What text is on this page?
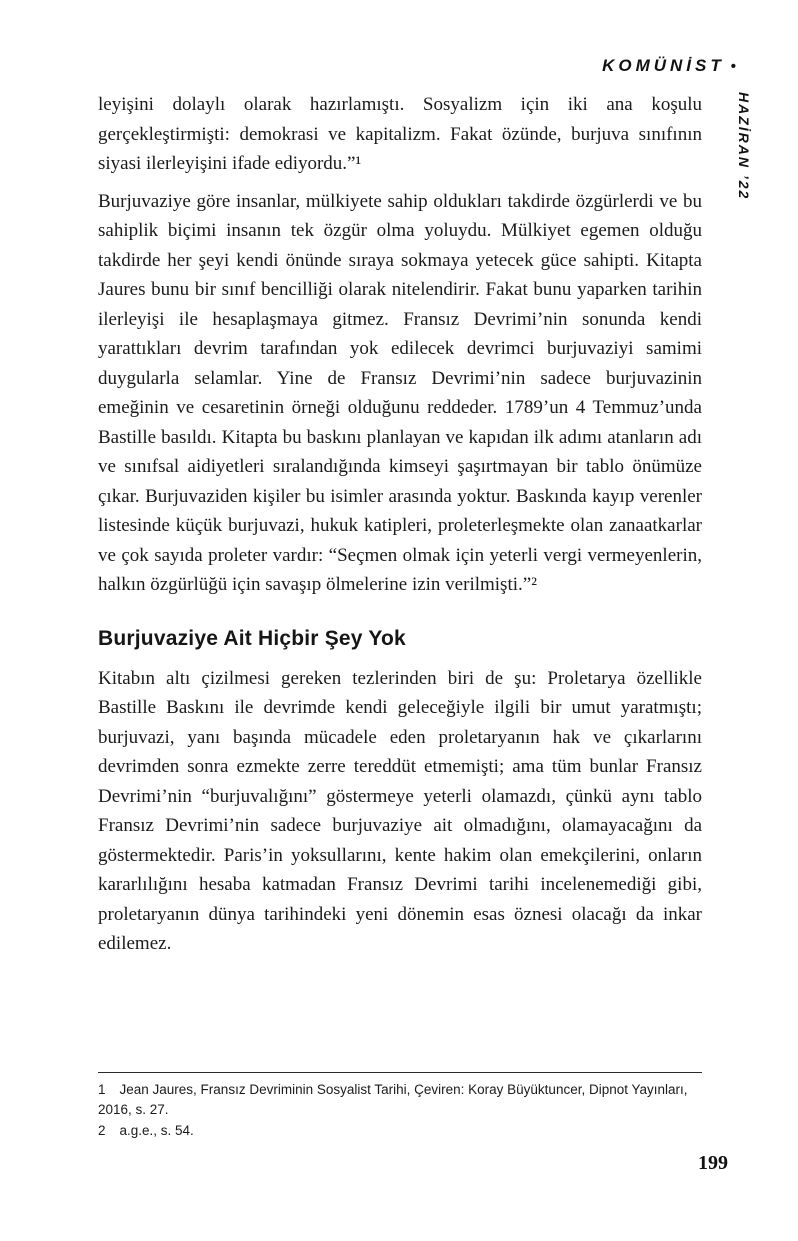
KOMÜNİST •
HAZİRAN ’22

leyişini dolaylı olarak hazırlamıştı. Sosyalizm için iki ana koşulu gerçekleştirmişti: demokrasi ve kapitalizm. Fakat özünde, burjuva sınıfının siyasi ilerleyişini ifade ediyordu.”¹

Burjuvaziye göre insanlar, mülkiyete sahip oldukları takdirde özgürlerdi ve bu sahiplik biçimi insanın tek özgür olma yoluydu. Mülkiyet egemen olduğu takdirde her şeyi kendi önünde sıraya sokmaya yetecek güce sahipti. Kitapta Jaures bunu bir sınıf bencilliği olarak nitelendirir. Fakat bunu yaparken tarihin ilerleyişi ile hesaplaşmaya gitmez. Fransız Devrimi’nin sonunda kendi yarattıkları devrim tarafından yok edilecek devrimci burjuvaziyi samimi duygularla selamlar. Yine de Fransız Devrimi’nin sadece burjuvazinin emeğinin ve cesaretinin örneği olduğunu reddeder. 1789’un 4 Temmuz’unda Bastille basıldı. Kitapta bu baskını planlayan ve kapıdan ilk adımı atanların adı ve sınıfsal aidiyetleri sıralandığında kimseyi şaşırtmayan bir tablo önümüze çıkar. Burjuvaziden kişiler bu isimler arasında yoktur. Baskında kayıp verenler listesinde küçük burjuvazi, hukuk katipleri, proleterleşmekte olan zanaatkarlar ve çok sayıda proleter vardır: “Seçmen olmak için yeterli vergi vermeyenlerin, halkın özgürlüğü için savaşıp ölmelerine izin verilmişti.”²

Burjuvaziye Ait Hiçbir Şey Yok

Kitabın altı çizilmesi gereken tezlerinden biri de şu: Proletarya özellikle Bastille Baskını ile devrimde kendi geleceğiyle ilgili bir umut yaratmıştı; burjuvazi, yanı başında mücadele eden proletaryanın hak ve çıkarlarını devrimden sonra ezmekte zerre tereddüt etmemişti; ama tüm bunlar Fransız Devrimi’nin “burjuvalığını” göstermeye yeterli olamazdı, çünkü aynı tablo Fransız Devrimi’nin sadece burjuvaziye ait olmadığını, olamayacağını da göstermektedir. Paris’in yoksullarını, kente hakim olan emekçilerini, onların kararlılığını hesaba katmadan Fransız Devrimi tarihi incelenemediği gibi, proletaryanın dünya tarihindeki yeni dönemin esas öznesi olacağı da inkar edilemez.

1 Jean Jaures, Fransız Devriminin Sosyalist Tarihi, Çeviren: Koray Büyüktuncer, Dipnot Yayınları, 2016, s. 27.
2 a.g.e., s. 54.
199
